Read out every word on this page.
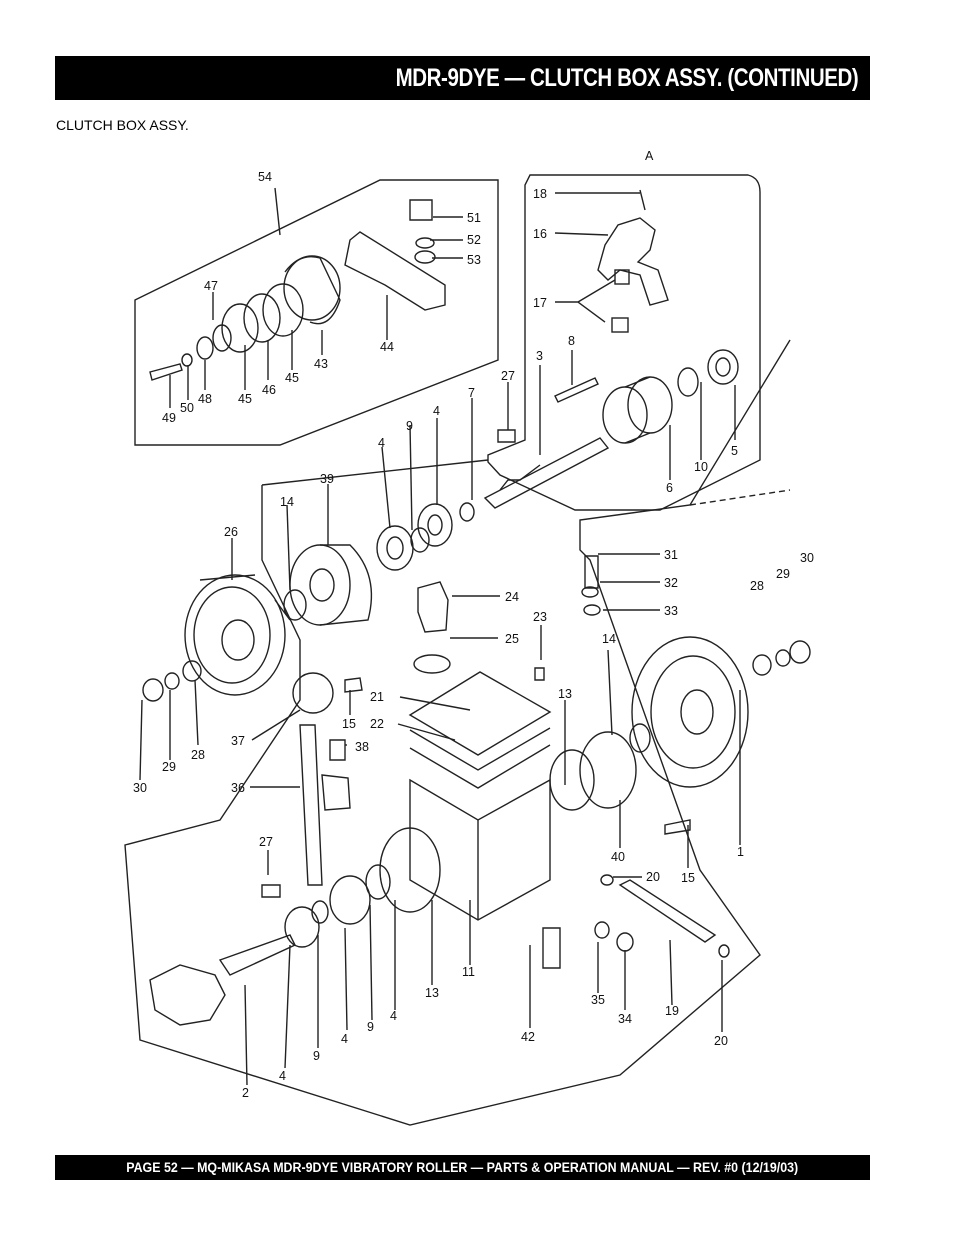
MDR-9DYE — CLUTCH BOX ASSY. (CONTINUED)
CLUTCH BOX ASSY.
A
54
51
52
53
47
44
43
45
46
45
48
50
49
18
16
17
8
3
27
7
4
9
4
39
14
26
10
5
6
31
32
33
28
29
30
24
23
25	14
21	13
15 22
38
37
36
30
29
28
1
40
15
20
27
11
13
19
35
34
42	20
4
9
4
9
4
2
PAGE 52 — MQ-MIKASA MDR-9DYE VIBRATORY ROLLER — PARTS & OPERATION MANUAL — REV. #0 (12/19/03)
